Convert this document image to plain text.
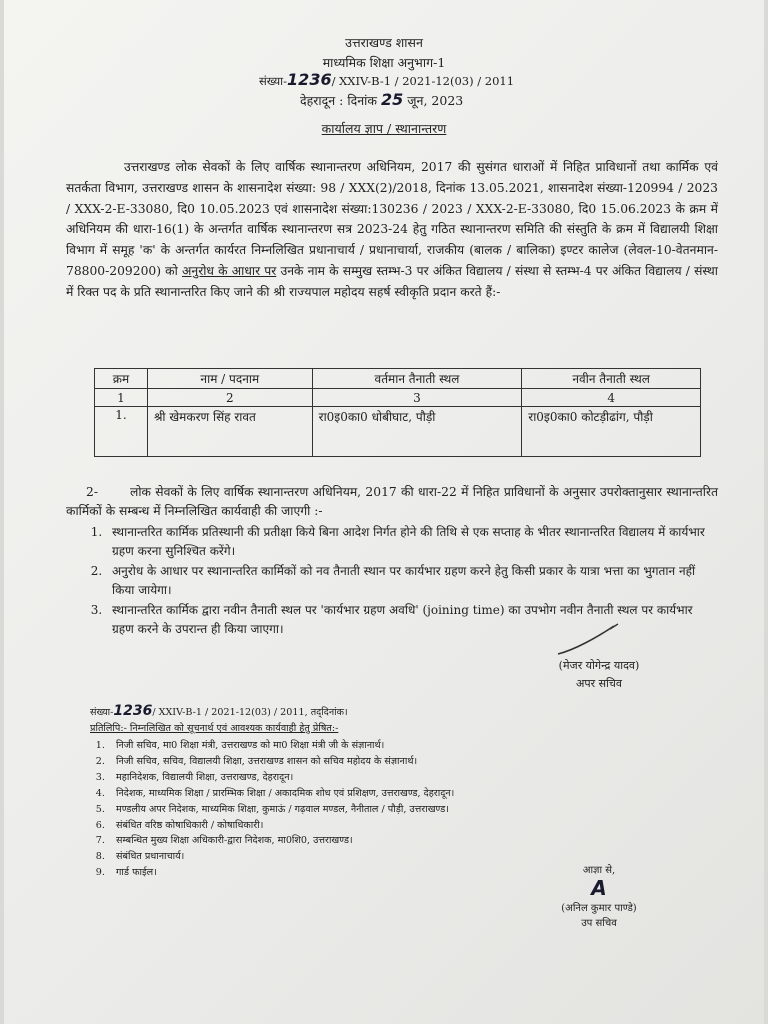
उत्तराखण्ड शासन
माध्यमिक शिक्षा अनुभाग-1
संख्या-1236/ XXIV-B-1 / 2021-12(03) / 2011
देहरादून : दिनांक 25 जून, 2023
कार्यालय ज्ञाप / स्थानान्तरण
उत्तराखण्ड लोक सेवकों के लिए वार्षिक स्थानान्तरण अधिनियम, 2017 की सुसंगत धाराओं में निहित प्राविधानों तथा कार्मिक एवं सतर्कता विभाग, उत्तराखण्ड शासन के शासनादेश संख्या: 98 / XXX(2)/2018, दिनांक 13.05.2021, शासनादेश संख्या-120994 / 2023 / XXX-2-E-33080, दि0 10.05.2023 एवं शासनादेश संख्या:130236 / 2023 / XXX-2-E-33080, दि0 15.06.2023 के क्रम में अधिनियम की धारा-16(1) के अन्तर्गत वार्षिक स्थानान्तरण सत्र 2023-24 हेतु गठित स्थानान्तरण समिति की संस्तुति के क्रम में विद्यालयी शिक्षा विभाग में समूह 'क' के अन्तर्गत कार्यरत निम्नलिखित प्रधानाचार्य / प्रधानाचार्या, राजकीय (बालक / बालिका) इण्टर कालेज (लेवल-10-वेतनमान- 78800-209200) को अनुरोध के आधार पर उनके नाम के सम्मुख स्तम्भ-3 पर अंकित विद्यालय / संस्था से स्तम्भ-4 पर अंकित विद्यालय / संस्था में रिक्त पद के प्रति स्थानान्तरित किए जाने की श्री राज्यपाल महोदय सहर्ष स्वीकृति प्रदान करते हैं:-
क्रम	नाम / पदनाम	वर्तमान तैनाती स्थल	नवीन तैनाती स्थल
1	2	3	4
1.	श्री खेमकरण सिंह रावत	रा0इ0का0 धोबीघाट, पौड़ी	रा0इ0का0 कोटड़ीढांग, पौड़ी
2-	लोक सेवकों के लिए वार्षिक स्थानान्तरण अधिनियम, 2017 की धारा-22 में निहित प्राविधानों के अनुसार उपरोक्तानुसार स्थानान्तरित कार्मिकों के सम्बन्ध में निम्नलिखित कार्यवाही की जाएगी :-
1. स्थानान्तरित कार्मिक प्रतिस्थानी की प्रतीक्षा किये बिना आदेश निर्गत होने की तिथि से एक सप्ताह के भीतर स्थानान्तरित विद्यालय में कार्यभार ग्रहण करना सुनिश्चित करेंगे।
2. अनुरोध के आधार पर स्थानान्तरित कार्मिकों को नव तैनाती स्थान पर कार्यभार ग्रहण करने हेतु किसी प्रकार के यात्रा भत्ता का भुगतान नहीं किया जायेगा।
3. स्थानान्तरित कार्मिक द्वारा नवीन तैनाती स्थल पर 'कार्यभार ग्रहण अवधि' (joining time) का उपभोग नवीन तैनाती स्थल पर कार्यभार ग्रहण करने के उपरान्त ही किया जाएगा।
(मेजर योगेन्द्र यादव)
अपर सचिव
संख्या-1236/ XXIV-B-1 / 2021-12(03) / 2011, तद्‌दिनांक।
प्रतिलिपि:- निम्नलिखित को सूचनार्थ एवं आवश्यक कार्यवाही हेतु प्रेषित:-
1. निजी सचिव, मा0 शिक्षा मंत्री, उत्तराखण्ड को मा0 शिक्षा मंत्री जी के संज्ञानार्थ।
2. निजी सचिव, सचिव, विद्यालयी शिक्षा, उत्तराखण्ड शासन को सचिव महोदय के संज्ञानार्थ।
3. महानिदेशक, विद्यालयी शिक्षा, उत्तराखण्ड, देहरादून।
4. निदेशक, माध्यमिक शिक्षा / प्रारम्भिक शिक्षा / अकादमिक शोध एवं प्रशिक्षण, उत्तराखण्ड, देहरादून।
5. मण्डलीय अपर निदेशक, माध्यमिक शिक्षा, कुमाऊं / गढ़वाल मण्डल, नैनीताल / पौड़ी, उत्तराखण्ड।
6. संबंधित वरिष्ठ कोषाधिकारी / कोषाधिकारी।
7. सम्बन्धित मुख्य शिक्षा अधिकारी-द्वारा निदेशक, मा0शि0, उत्तराखण्ड।
8. संबंधित प्रधानाचार्य।
9. गार्ड फाईल।	आज्ञा से,
A
(अनिल कुमार पाण्डे)
उप सचिव
